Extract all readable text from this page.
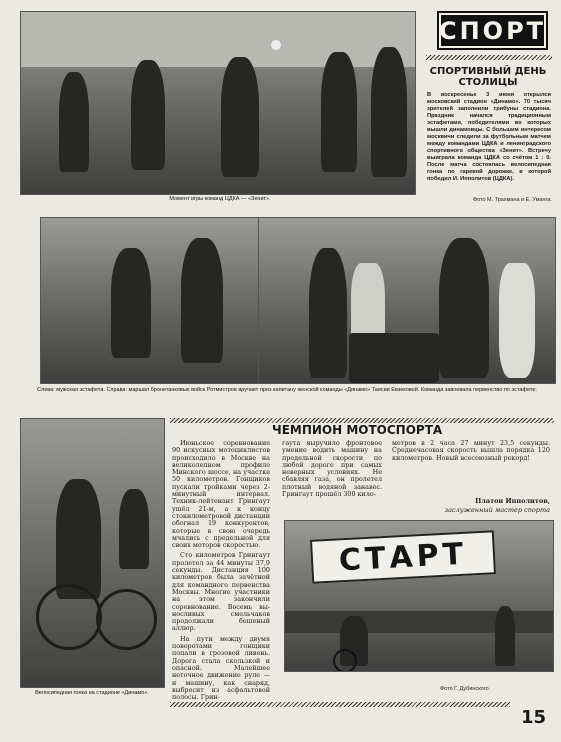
Момент игры команд ЦДКА — «Зенит».
СПОРТ
СПОРТИВНЫЙ ДЕНЬ СТОЛИЦЫ
В воскресенье 3 июня открылся московский стадион «Динамо». 70 тысяч зрителей заполнили трибуны стадиона. Праздник начался традиционным эстафетами, победителями во которых вышли динамовцы. С большим интересом москвичи следили за футбольным матчем между командами ЦДКА и ленинградского спортивного общества «Зенит». Встречу выиграла команда ЦДКА со счётом 1 : 0. После матча состоялась велосипедная гонка по гаревой дорожке, в которой победил И. Ипполитов (ЦДКА).
Фото М. Трахмана и Е. Уманга.
Слева: мужская эстафета. Справа: маршал бронетанковых войск Ротмистров вручает приз капитану женской команды «Динамо» Таисии Евзековой. Команда завоевала первенство по эстафете.
Велосипедная гонка на стадионе «Динамо».
ЧЕМПИОН МОТОСПОРТА

Июньское соревнование 90 искусных мотоциклистов происходило в Москве на великолепном профиле Минского шоссе, на участке 50 километров. Гонщиков пускали тройками через 2-минутный интервал. Техник-лейтенант Грингаут ушёл 21-м, а к концу стокилометровой дистанции обогнал 19 конкурентов, которые в свою очередь мчались с предельной для своих моторов скоростью.

Сто километров Грингаут пролетел за 44 минуты 37,9 секунды. Дистанция 100 километров была зачётной для командного первенства Москвы. Многие участники на этом закончили соревнование. Восемь выносливых смельчаков продолжали бешеный аллюр.

На пути между двумя поворотами гонщики попали в грозовой ливень. Дорога стала скользкой и опасной. Малейшее неточное движение руле — и машину, как снаряд, выбросит из асфальтовой полосы. Грин-

гаута выручило фронтовое умение водить машину на предельной скорости по любой дороге при самых неверных условиях. Не сбавляя газа, он пролетел плотный водяной занавес. Грингаут прошёл 300 кило-

метров в 2 часа 27 минут 23,5 секунды. Среднечасовая скорость вышла порядка 120 километров. Новый всесоюзный рекорд!

Платон Ипполитов,
заслуженный мастер спорта
СТАРТ
Фото Г. Дубинского.
15
